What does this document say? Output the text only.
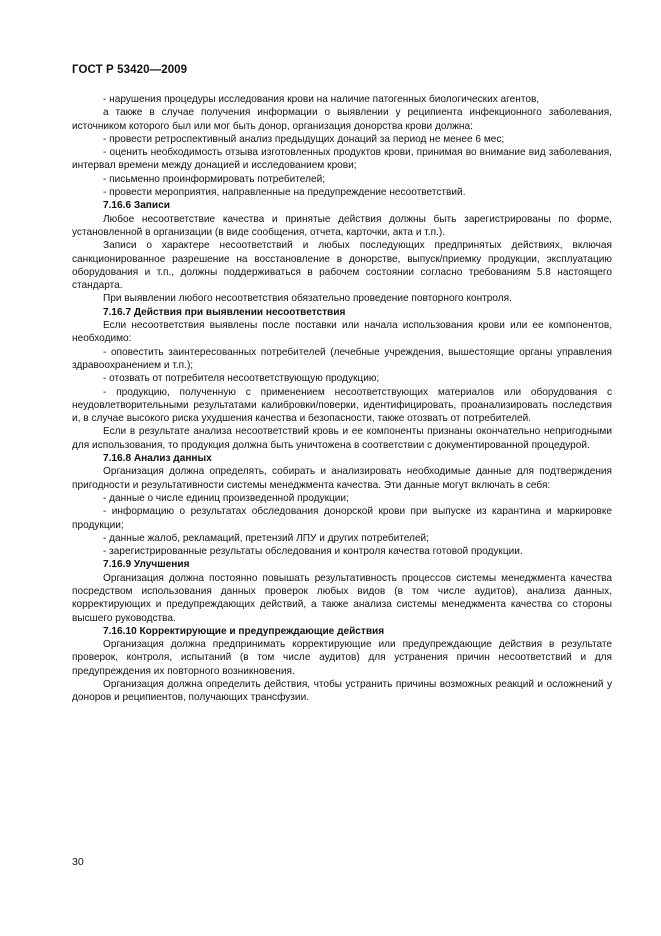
ГОСТ Р 53420—2009

- нарушения процедуры исследования крови на наличие патогенных биологических агентов,

а также в случае получения информации о выявлении у реципиента инфекционного заболевания, источником которого был или мог быть донор, организация донорства крови должна:

- провести ретроспективный анализ предыдущих донаций за период не менее 6 мес;

- оценить необходимость отзыва изготовленных продуктов крови, принимая во внимание вид заболевания, интервал времени между донацией и исследованием крови;

- письменно проинформировать потребителей;

- провести мероприятия, направленные на предупреждение несоответствий.

7.16.6 Записи

Любое несоответствие качества и принятые действия должны быть зарегистрированы по форме, установленной в организации (в виде сообщения, отчета, карточки, акта и т.п.).

Записи о характере несоответствий и любых последующих предпринятых действиях, включая санкционированное разрешение на восстановление в донорстве, выпуск/приемку продукции, эксплуатацию оборудования и т.п., должны поддерживаться в рабочем состоянии согласно требованиям 5.8 настоящего стандарта.

При выявлении любого несоответствия обязательно проведение повторного контроля.

7.16.7 Действия при выявлении несоответствия

Если несоответствия выявлены после поставки или начала использования крови или ее компонентов, необходимо:

- оповестить заинтересованных потребителей (лечебные учреждения, вышестоящие органы управления здравоохранением и т.п.);

- отозвать от потребителя несоответствующую продукцию;

- продукцию, полученную с применением несоответствующих материалов или оборудования с неудовлетворительными результатами калибровки/поверки, идентифицировать, проанализировать последствия и, в случае высокого риска ухудшения качества и безопасности, также отозвать от потребителей.

Если в результате анализа несоответствий кровь и ее компоненты признаны окончательно непригодными для использования, то продукция должна быть уничтожена в соответствии с документированной процедурой.

7.16.8 Анализ данных

Организация должна определять, собирать и анализировать необходимые данные для подтверждения пригодности и результативности системы менеджмента качества. Эти данные могут включать в себя:

- данные о числе единиц произведенной продукции;

- информацию о результатах обследования донорской крови при выпуске из карантина и маркировке продукции;

- данные жалоб, рекламаций, претензий ЛПУ и других потребителей;

- зарегистрированные результаты обследования и контроля качества готовой продукции.

7.16.9 Улучшения

Организация должна постоянно повышать результативность процессов системы менеджмента качества посредством использования данных проверок любых видов (в том числе аудитов), анализа данных, корректирующих и предупреждающих действий, а также анализа системы менеджмента качества со стороны высшего руководства.

7.16.10 Корректирующие и предупреждающие действия

Организация должна предпринимать корректирующие или предупреждающие действия в результате проверок, контроля, испытаний (в том числе аудитов) для устранения причин несоответствий и для предупреждения их повторного возникновения.

Организация должна определить действия, чтобы устранить причины возможных реакций и осложнений у доноров и реципиентов, получающих трансфузии.

30
